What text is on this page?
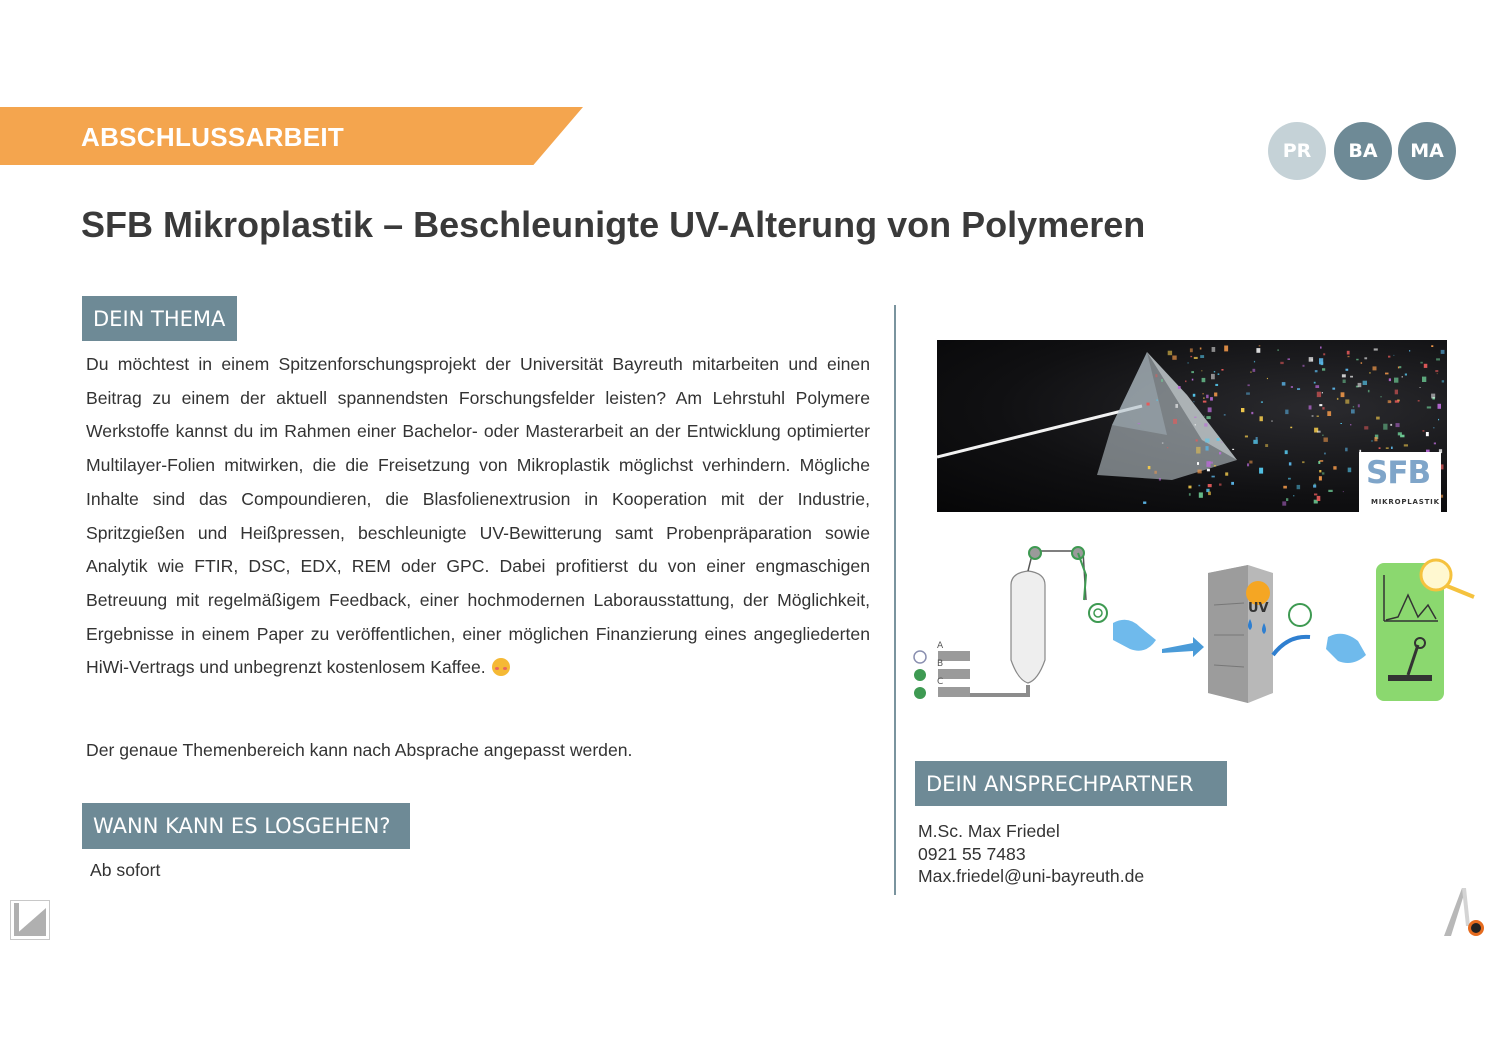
ABSCHLUSSARBEIT	PR	BA	MA
SFB Mikroplastik – Beschleunigte UV-Alterung von Polymeren
DEIN THEMA

Du möchtest in einem Spitzenforschungsprojekt der Universität Bayreuth mitarbeiten und einen Beitrag zu einem der aktuell spannendsten Forschungsfelder leisten? Am Lehrstuhl Polymere Werkstoffe kannst du im Rahmen einer Bachelor- oder Masterarbeit an der Entwicklung optimierter Multilayer-Folien mitwirken, die die Freisetzung von Mikroplastik möglichst verhindern. Mögliche Inhalte sind das Compoundieren, die Blasfolienextrusion in Kooperation mit der Industrie, Spritzgießen und Heißpressen, beschleunigte UV-Bewitterung samt Probenpräparation sowie Analytik wie FTIR, DSC, EDX, REM oder GPC. Dabei profitierst du von einer engmaschigen Betreuung mit regelmäßigem Feedback, einer hochmodernen Laborausstattung, der Möglichkeit, Ergebnisse in einem Paper zu veröffentlichen, einer möglichen Finanzierung eines angegliederten HiWi-Vertrags und unbegrenzt kostenlosem Kaffee.

Der genaue Themenbereich kann nach Absprache angepasst werden.

WANN KANN ES LOSGEHEN?

Ab sofort

SFB
MIKROPLASTIK
A
B
C
UV
DEIN ANSPRECHPARTNER
M.Sc. Max Friedel
0921 55 7483
Max.friedel@uni-bayreuth.de
